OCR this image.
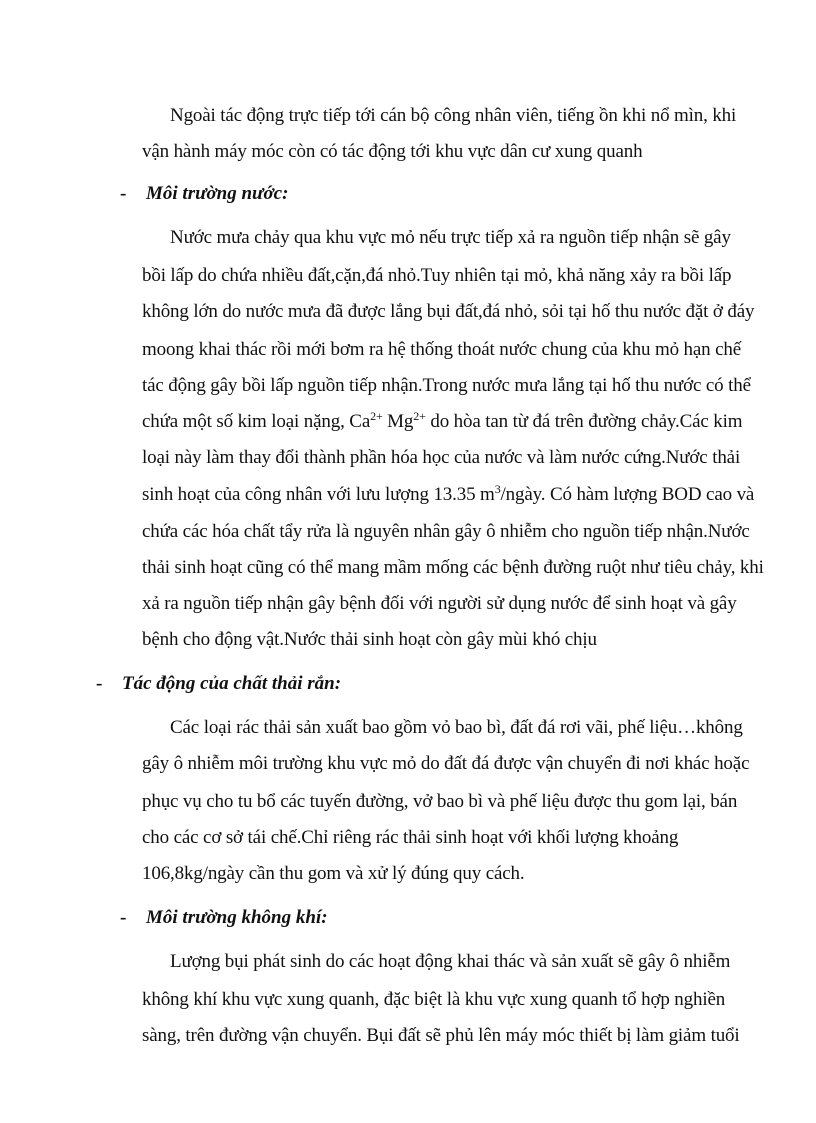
Ngoài tác động trực tiếp tới cán bộ công nhân viên, tiếng ồn khi nổ mìn, khi
vận hành máy móc còn có tác động tới khu vực dân cư xung quanh
- Môi trường nước:
Nước mưa chảy qua khu vực mỏ nếu trực tiếp xả ra nguồn tiếp nhận sẽ gây
bồi lấp do chứa nhiều đất,cặn,đá nhỏ.Tuy nhiên tại mỏ, khả năng xảy ra bồi lấp
không lớn do nước mưa đã được lắng bụi đất,đá nhỏ, sỏi tại hố thu nước đặt ở đáy
moong khai thác rồi mới bơm ra hệ thống thoát nước chung của khu mỏ hạn chế
tác động gây bồi lấp nguồn tiếp nhận.Trong nước mưa lắng tại hố thu nước có thể
chứa một số kim loại nặng, $Ca^{2+}$ $Mg^{2+}$ do hòa tan từ đá trên đường chảy.Các kim
loại này làm thay đổi thành phần hóa học của nước và làm nước cứng.Nước thải
sinh hoạt của công nhân với lưu lượng 13.35 $m^3$/ngày. Có hàm lượng BOD cao và
chứa các hóa chất tẩy rửa là nguyên nhân gây ô nhiễm cho nguồn tiếp nhận.Nước
thải sinh hoạt cũng có thể mang mầm mống các bệnh đường ruột như tiêu chảy, khi
xả ra nguồn tiếp nhận gây bệnh đối với người sử dụng nước để sinh hoạt và gây
bệnh cho động vật.Nước thải sinh hoạt còn gây mùi khó chịu
- Tác động của chất thải rắn:
Các loại rác thải sản xuất bao gồm vỏ bao bì, đất đá rơi vãi, phế liệu…không
gây ô nhiễm môi trường khu vực mỏ do đất đá được vận chuyển đi nơi khác hoặc
phục vụ cho tu bổ các tuyến đường, vở bao bì và phế liệu được thu gom lại, bán
cho các cơ sở tái chế.Chỉ riêng rác thải sinh hoạt với khối lượng khoảng
106,8kg/ngày cần thu gom và xử lý đúng quy cách.
- Môi trường không khí:
Lượng bụi phát sinh do các hoạt động khai thác và sản xuất sẽ gây ô nhiễm
không khí khu vực xung quanh, đặc biệt là khu vực xung quanh tổ hợp nghiền
sàng, trên đường vận chuyển. Bụi đất sẽ phủ lên máy móc thiết bị làm giảm tuổi
